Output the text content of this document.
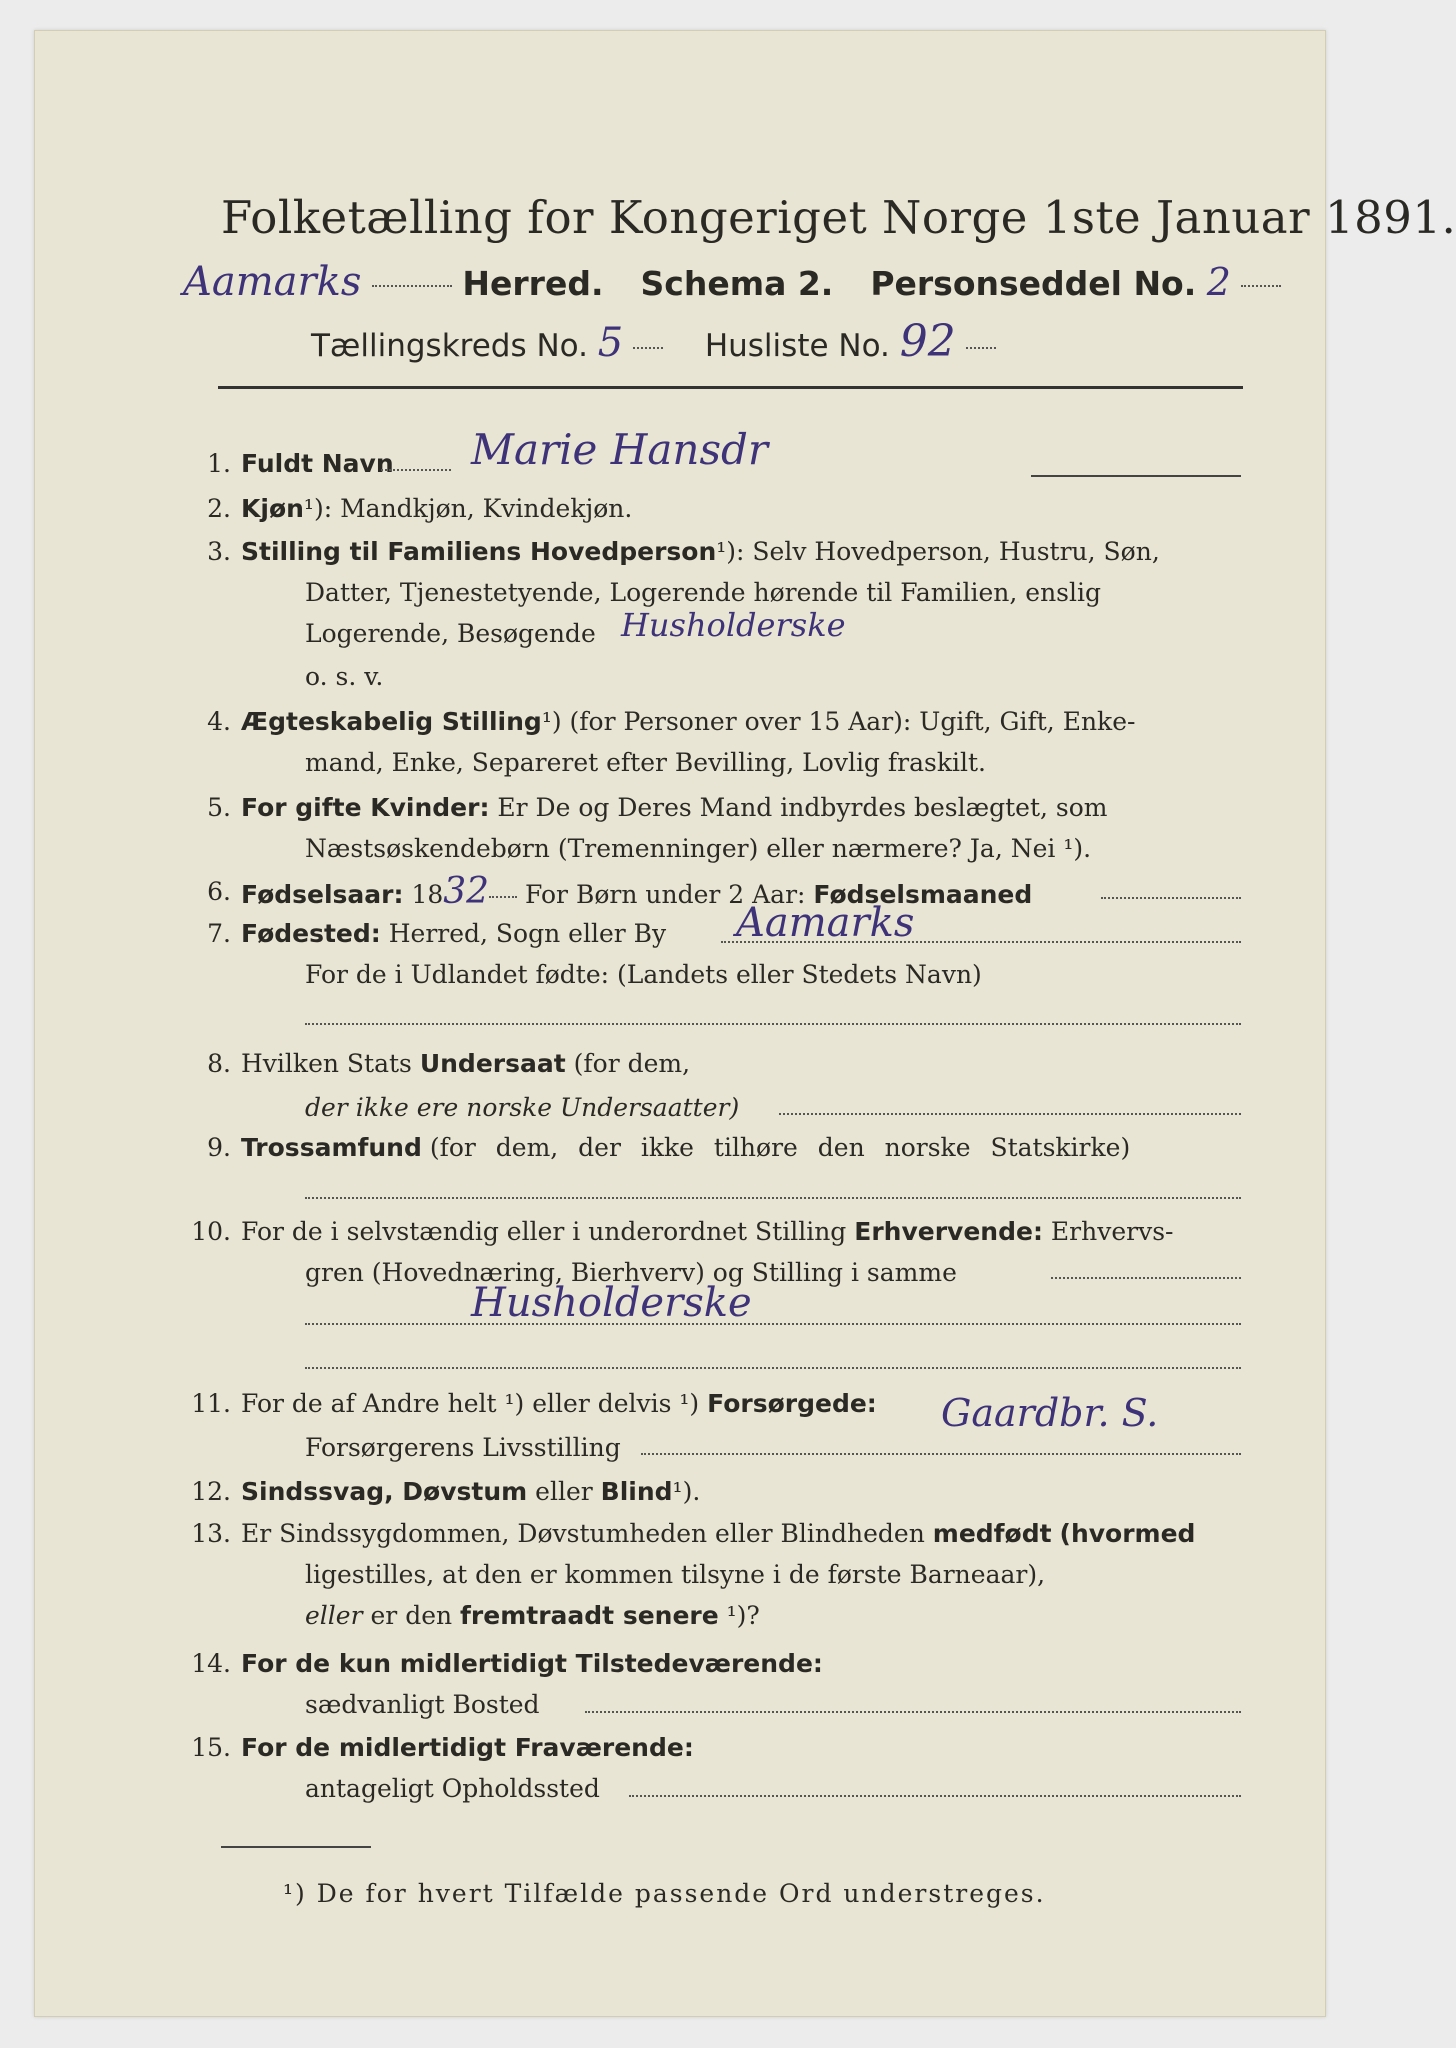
Folketælling for Kongeriget Norge 1ste Januar 1891.
Aamarks	Herred. Schema 2. Personseddel No. 2
Tællingskreds No. 5	Husliste No. 92
1. Fuldt Navn Marie Hansdr
2. Kjøn¹): Mandkjøn, Kvindekjøn.
3. Stilling til Familiens Hovedperson¹): Selv Hovedperson, Hustru, Søn,
Datter, Tjenestetyende, Logerende hørende til Familien, enslig
Logerende, Besøgende Husholderske
o. s. v.
4. Ægteskabelig Stilling¹) (for Personer over 15 Aar): Ugift, Gift, Enke-
mand, Enke, Separeret efter Bevilling, Lovlig fraskilt.
5. For gifte Kvinder: Er De og Deres Mand indbyrdes beslægtet, som
Næstsøskendebørn (Tremenninger) eller nærmere? Ja, Nei ¹).
6. Fødselsaar: 1832 For Børn under 2 Aar: Fødselsmaaned
7. Fødested: Herred, Sogn eller By Aamarks
For de i Udlandet fødte: (Landets eller Stedets Navn)
8. Hvilken Stats Undersaat (for dem,
der ikke ere norske Undersaatter)
9. Trossamfund (for dem, der ikke tilhøre den norske Statskirke)
10. For de i selvstændig eller i underordnet Stilling Erhvervende: Erhvervs-
gren (Hovednæring, Bierhverv) og Stilling i samme
Husholderske
11. For de af Andre helt ¹) eller delvis ¹) Forsørgede: Gaardbr. S.
Forsørgerens Livsstilling
12. Sindssvag, Døvstum eller Blind¹).
13. Er Sindssygdommen, Døvstumheden eller Blindheden medfødt (hvormed
ligestilles, at den er kommen tilsyne i de første Barneaar),
eller er den fremtraadt senere ¹)?
14. For de kun midlertidigt Tilstedeværende:
sædvanligt Bosted
15. For de midlertidigt Fraværende:
antageligt Opholdssted
¹) De for hvert Tilfælde passende Ord understreges.
